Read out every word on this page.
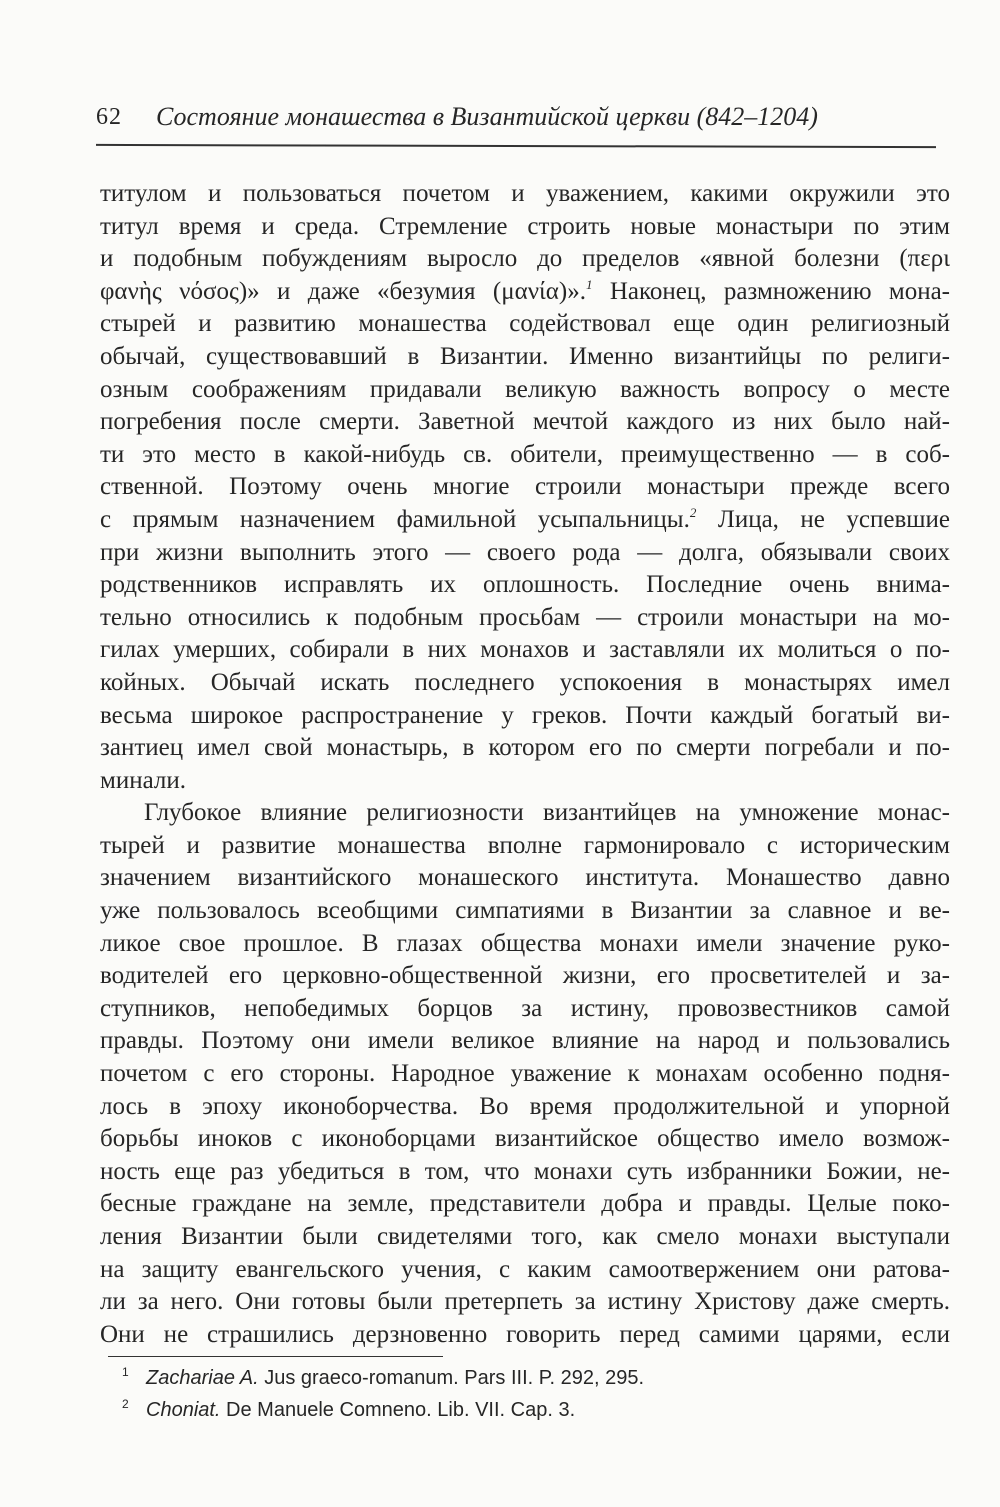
62 Состояние монашества в Византийской церкви (842–1204)

титулом и пользоваться почетом и уважением, какими окружили это
титул время и среда. Стремление строить новые монастыри по этим
и подобным побуждениям выросло до пределов «явной болезни (περι
φανὴς νόσος)» и даже «безумия (μανία)».$^1$ Наконец, размножению мона-
стырей и развитию монашества содействовал еще один религиозный
обычай, существовавший в Византии. Именно византийцы по религи-
озным соображениям придавали великую важность вопросу о месте
погребения после смерти. Заветной мечтой каждого из них было най-
ти это место в какой-нибудь св. обители, преимущественно — в соб-
ственной. Поэтому очень многие строили монастыри прежде всего
с прямым назначением фамильной усыпальницы.$^2$ Лица, не успевшие
при жизни выполнить этого — своего рода — долга, обязывали своих
родственников исправлять их оплошность. Последние очень внима-
тельно относились к подобным просьбам — строили монастыри на мо-
гилах умерших, собирали в них монахов и заставляли их молиться о по-
койных. Обычай искать последнего успокоения в монастырях имел
весьма широкое распространение у греков. Почти каждый богатый ви-
зантиец имел свой монастырь, в котором его по смерти погребали и по-
минали.

Глубокое влияние религиозности византийцев на умножение монас-
тырей и развитие монашества вполне гармонировало с историческим
значением византийского монашеского института. Монашество давно
уже пользовалось всеобщими симпатиями в Византии за славное и ве-
ликое свое прошлое. В глазах общества монахи имели значение руко-
водителей его церковно-общественной жизни, его просветителей и за-
ступников, непобедимых борцов за истину, провозвестников самой
правды. Поэтому они имели великое влияние на народ и пользовались
почетом с его стороны. Народное уважение к монахам особенно подня-
лось в эпоху иконоборчества. Во время продолжительной и упорной
борьбы иноков с иконоборцами византийское общество имело возмож-
ность еще раз убедиться в том, что монахи суть избранники Божии, не-
бесные граждане на земле, представители добра и правды. Целые поко-
ления Византии были свидетелями того, как смело монахи выступали
на защиту евангельского учения, с каким самоотвержением они ратова-
ли за него. Они готовы были претерпеть за истину Христову даже смерть.
Они не страшились дерзновенно говорить перед самими царями, если

1 Zachariae A. Jus graeco-romanum. Pars III. P. 292, 295.
2 Choniat. De Manuele Comneno. Lib. VII. Cap. 3.
